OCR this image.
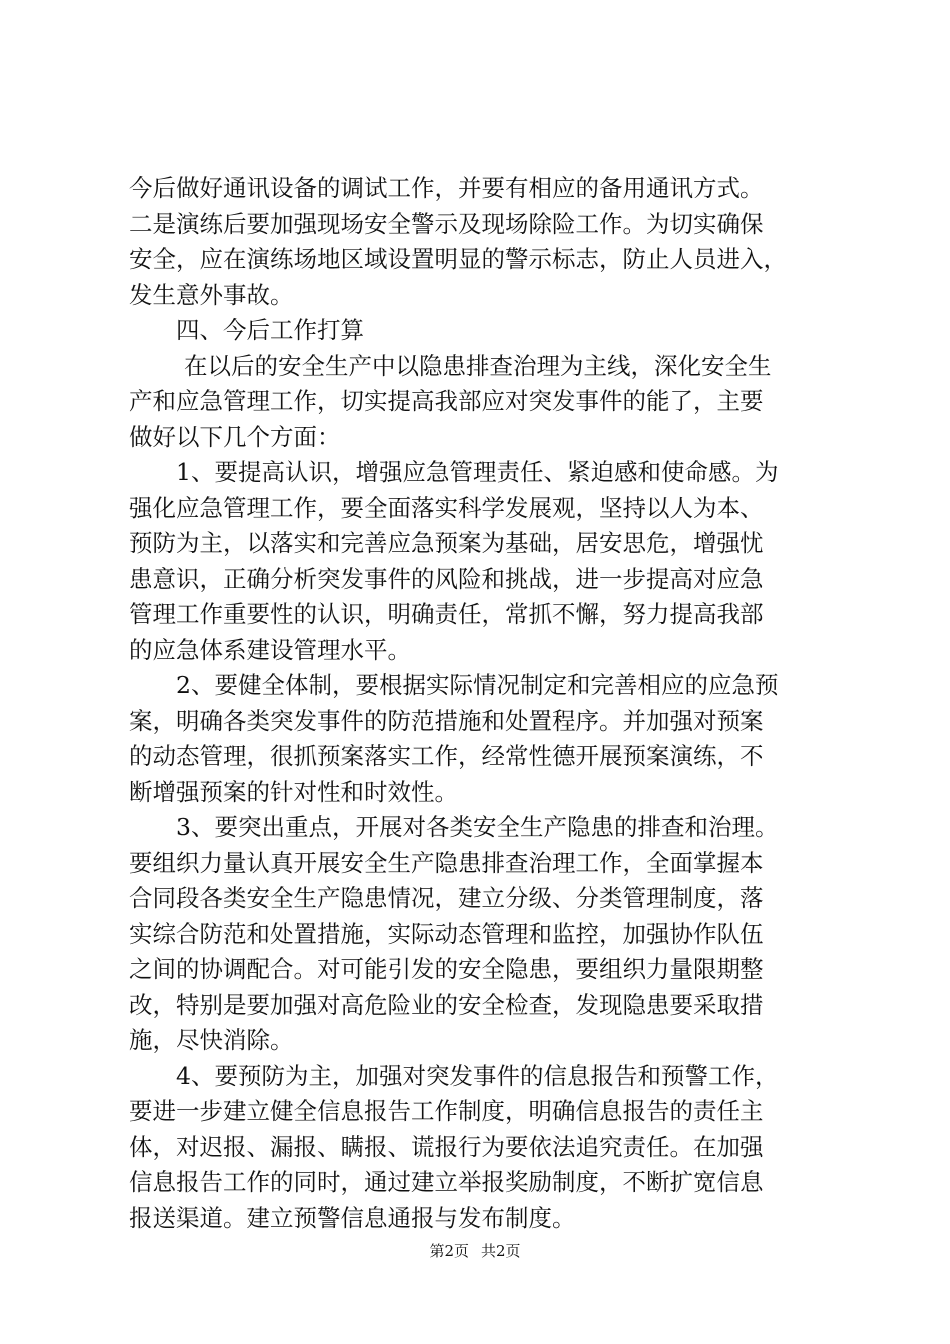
今后做好通讯设备的调试工作，并要有相应的备用通讯方式。
二是演练后要加强现场安全警示及现场除险工作。为切实确保
安全，应在演练场地区域设置明显的警示标志，防止人员进入，
发生意外事故。
四、今后工作打算
在以后的安全生产中以隐患排查治理为主线，深化安全生
产和应急管理工作，切实提高我部应对突发事件的能了，主要
做好以下几个方面：
1、要提高认识，增强应急管理责任、紧迫感和使命感。为
强化应急管理工作，要全面落实科学发展观，坚持以人为本、
预防为主，以落实和完善应急预案为基础，居安思危，增强忧
患意识，正确分析突发事件的风险和挑战，进一步提高对应急
管理工作重要性的认识，明确责任，常抓不懈，努力提高我部
的应急体系建设管理水平。
2、要健全体制，要根据实际情况制定和完善相应的应急预
案，明确各类突发事件的防范措施和处置程序。并加强对预案
的动态管理，很抓预案落实工作，经常性德开展预案演练，不
断增强预案的针对性和时效性。
3、要突出重点，开展对各类安全生产隐患的排查和治理。
要组织力量认真开展安全生产隐患排查治理工作，全面掌握本
合同段各类安全生产隐患情况，建立分级、分类管理制度，落
实综合防范和处置措施，实际动态管理和监控，加强协作队伍
之间的协调配合。对可能引发的安全隐患，要组织力量限期整
改，特别是要加强对高危险业的安全检查，发现隐患要采取措
施，尽快消除。
4、要预防为主，加强对突发事件的信息报告和预警工作，
要进一步建立健全信息报告工作制度，明确信息报告的责任主
体，对迟报、漏报、瞒报、谎报行为要依法追究责任。在加强
信息报告工作的同时，通过建立举报奖励制度，不断扩宽信息
报送渠道。建立预警信息通报与发布制度。
第2页 共2页
